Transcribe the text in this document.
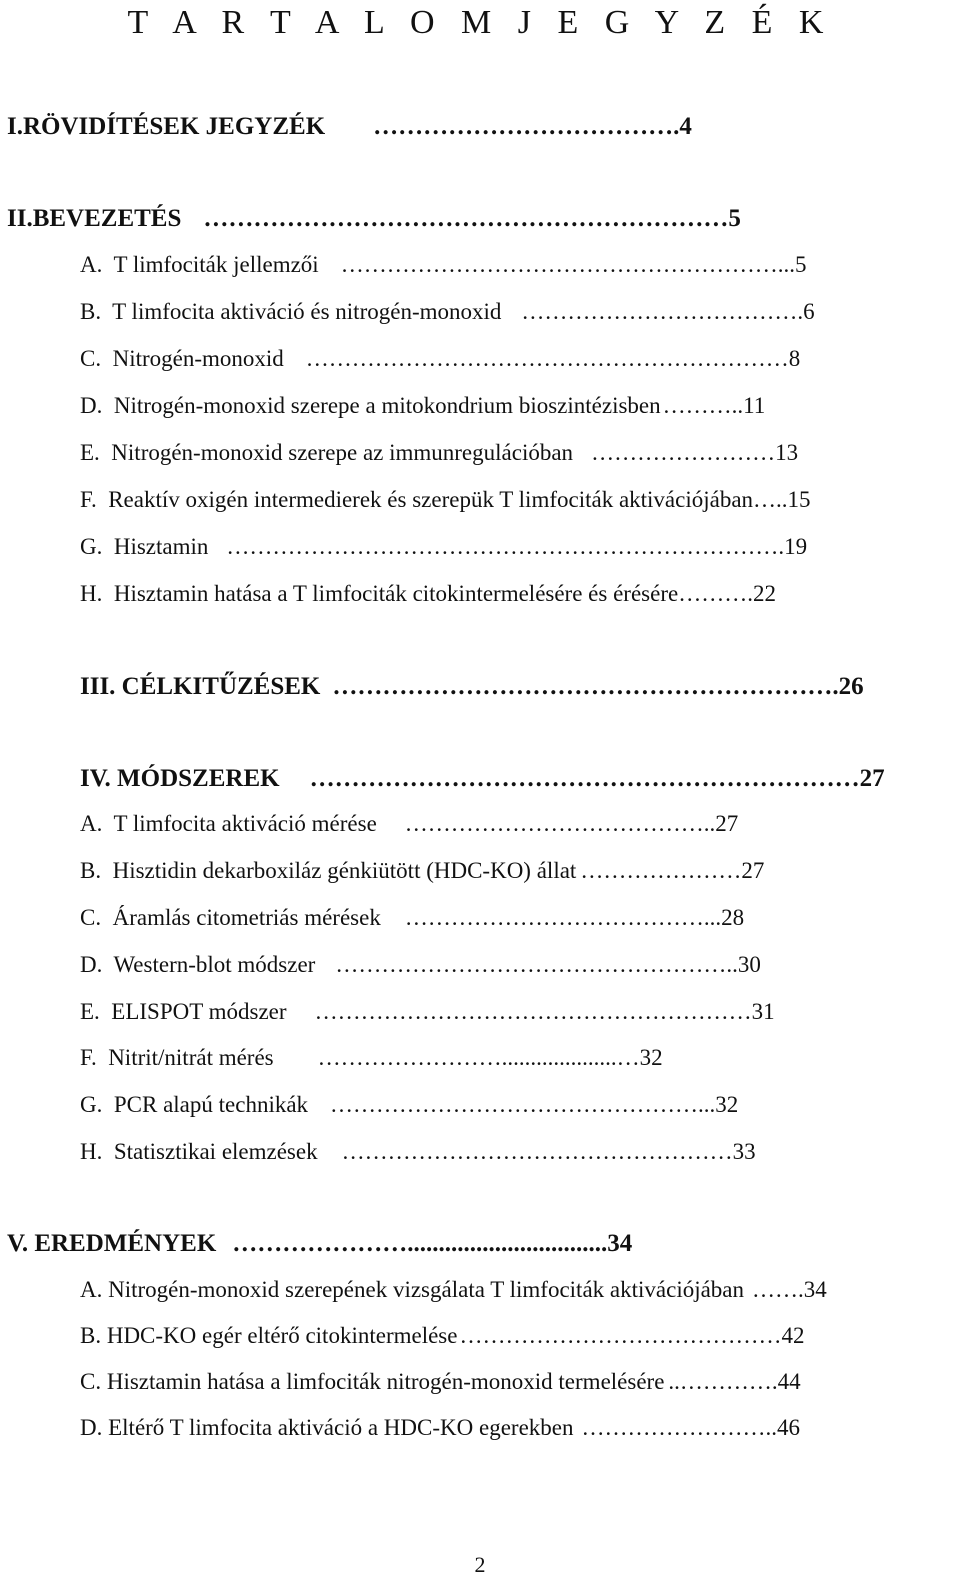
T A R T A L O M J E G Y Z É K
I.RÖVIDÍTÉSEK JEGYZÉK ……………………………….4
II.BEVEZETÉS ………………………………………………………5
A.  T limfociták jellemzői …………………………………………………...5
B.  T limfocita aktiváció és nitrogén-monoxid ……………………………….6
C.  Nitrogén-monoxid ………………………………………………………8
D.  Nitrogén-monoxid szerepe a mitokondrium bioszintézisben ………..11
E.  Nitrogén-monoxid szerepe az immunregulációban ……………………13
F.  Reaktív oxigén intermedierek és szerepük T limfociták aktivációjában …..15
G.  Hisztamin ……………………………………………………………….19
H.  Hisztamin hatása a T limfociták citokintermelésére és érésére ……….22
III. CÉLKITŰZÉSEK …………………………………………………….26
IV. MÓDSZEREK …………………………………………………………27
A.  T limfocita aktiváció mérése …………………………………..27
B.  Hisztidin dekarboxiláz génkiütött (HDC-KO) állat …………………27
C.  Áramlás citometriás mérések …………………………………...28
D.  Western-blot módszer ……………………………………………..30
E.  ELISPOT módszer …………………………………………………31
F.  Nitrit/nitrát mérés ……………………....................…32
G.  PCR alapú technikák …………………………………………...32
H.  Statisztikai elemzések ……………………………………………33
V. EREDMÉNYEK …………………................................34
A. Nitrogén-monoxid szerepének vizsgálata T limfociták aktivációjában …….34
B. HDC-KO egér eltérő citokintermelése ……………………………………42
C. Hisztamin hatása a limfociták nitrogén-monoxid termelésére ..………….44
D. Eltérő T limfocita aktiváció a HDC-KO egerekben ……………………..46
2
